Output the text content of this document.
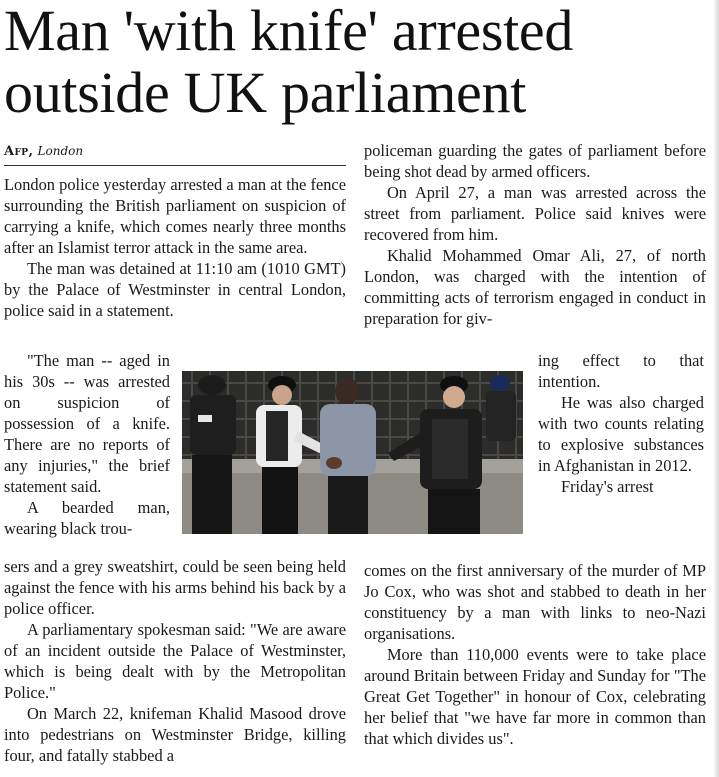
Man 'with knife' arrested outside UK parliament
Afp, London

London police yesterday arrested a man at the fence surrounding the British parliament on suspicion of carrying a knife, which comes nearly three months after an Islamist terror attack in the same area.

The man was detained at 11:10 am (1010 GMT) by the Palace of Westminster in central London, police said in a statement.

"The man -- aged in his 30s -- was arrested on suspicion of possession of a knife. There are no reports of any injuries," the brief statement said.

A bearded man, wearing black trou-

sers and a grey sweatshirt, could be seen being held against the fence with his arms behind his back by a police officer.

A parliamentary spokesman said: "We are aware of an incident outside the Palace of Westminster, which is being dealt with by the Metropolitan Police."

On March 22, knifeman Khalid Masood drove into pedestrians on Westminster Bridge, killing four, and fatally stabbed a

policeman guarding the gates of parliament before being shot dead by armed officers.

On April 27, a man was arrested across the street from parliament. Police said knives were recovered from him.

Khalid Mohammed Omar Ali, 27, of north London, was charged with the intention of committing acts of terrorism engaged in conduct in preparation for giv-

ing effect to that intention.

He was also charged with two counts relating to explosive substances in Afghanistan in 2012.

Friday's arrest

comes on the first anniversary of the murder of MP Jo Cox, who was shot and stabbed to death in her constituency by a man with links to neo-Nazi organisations.

More than 110,000 events were to take place around Britain between Friday and Sunday for "The Great Get Together" in honour of Cox, celebrating her belief that "we have far more in common than that which divides us".
